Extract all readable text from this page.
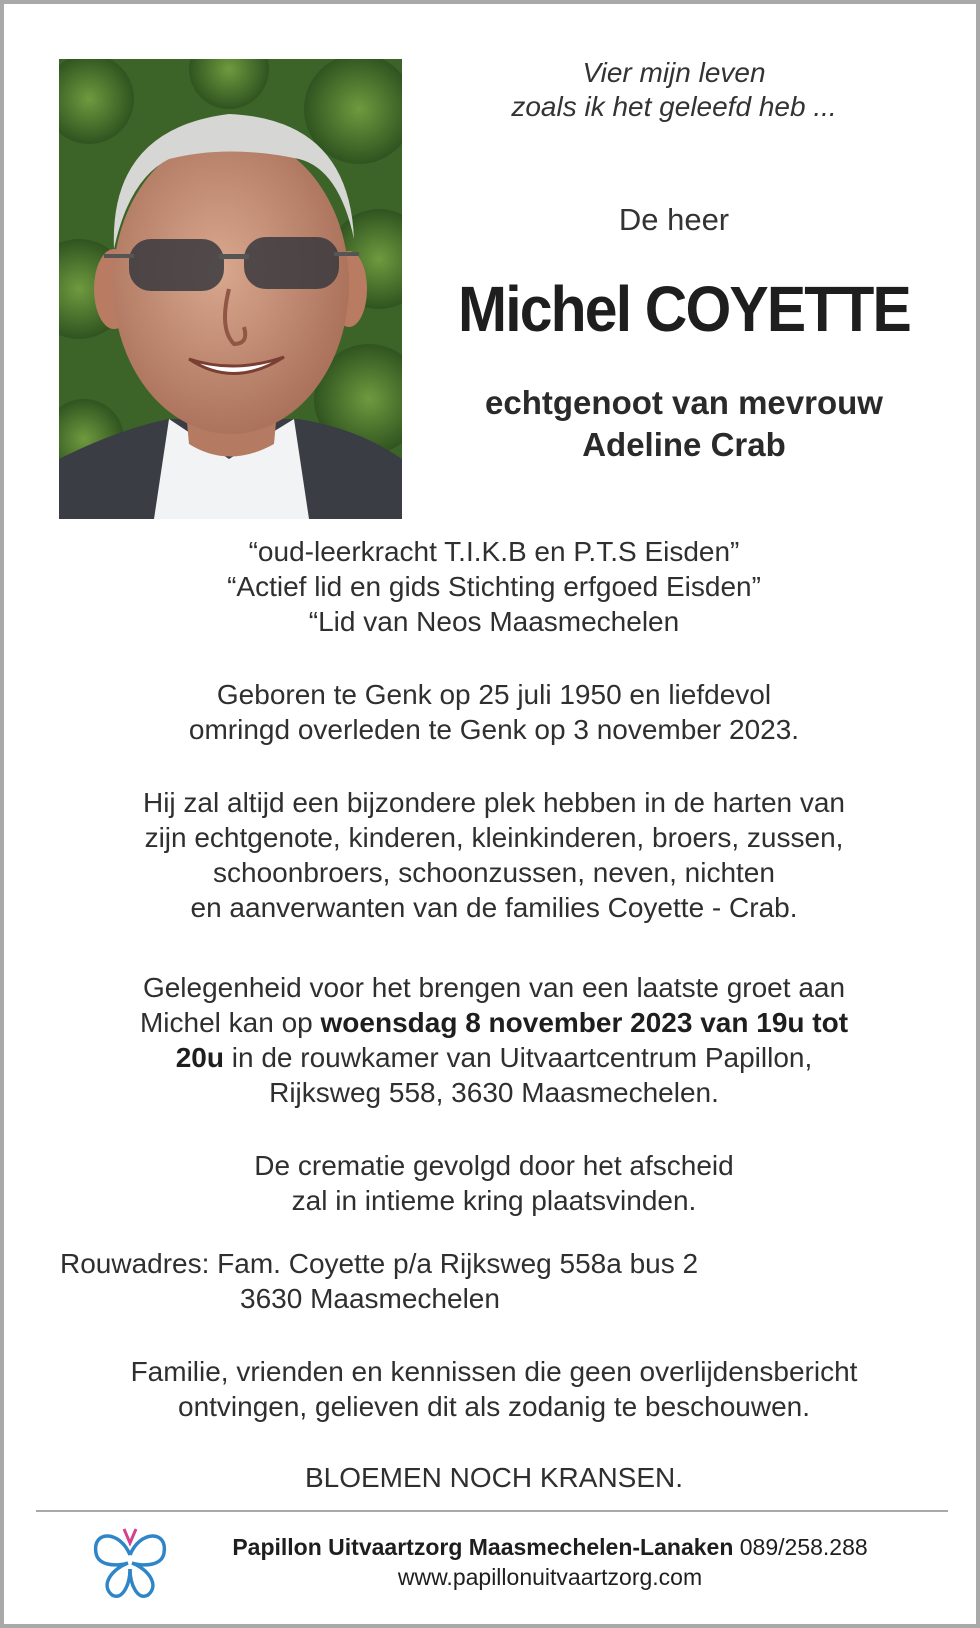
Vier mijn leven
zoals ik het geleefd heb ...
De heer
Michel COYETTE
echtgenoot van mevrouw
Adeline Crab
“oud-leerkracht T.I.K.B en P.T.S Eisden”
“Actief lid en gids Stichting erfgoed Eisden”
“Lid van Neos Maasmechelen
Geboren te Genk op 25 juli 1950 en liefdevol
omringd overleden te Genk op 3 november 2023.
Hij zal altijd een bijzondere plek hebben in de harten van
zijn echtgenote, kinderen, kleinkinderen, broers, zussen,
schoonbroers, schoonzussen, neven, nichten
en aanverwanten van de families Coyette - Crab.
Gelegenheid voor het brengen van een laatste groet aan
Michel kan op woensdag 8 november 2023 van 19u tot
20u in de rouwkamer van Uitvaartcentrum Papillon,
Rijksweg 558, 3630 Maasmechelen.
De crematie gevolgd door het afscheid
zal in intieme kring plaatsvinden.
Rouwadres: Fam. Coyette p/a Rijksweg 558a bus 2
3630 Maasmechelen
Familie, vrienden en kennissen die geen overlijdensbericht
ontvingen, gelieven dit als zodanig te beschouwen.
BLOEMEN NOCH KRANSEN.
Papillon Uitvaartzorg Maasmechelen-Lanaken 089/258.288
www.papillonuitvaartzorg.com
